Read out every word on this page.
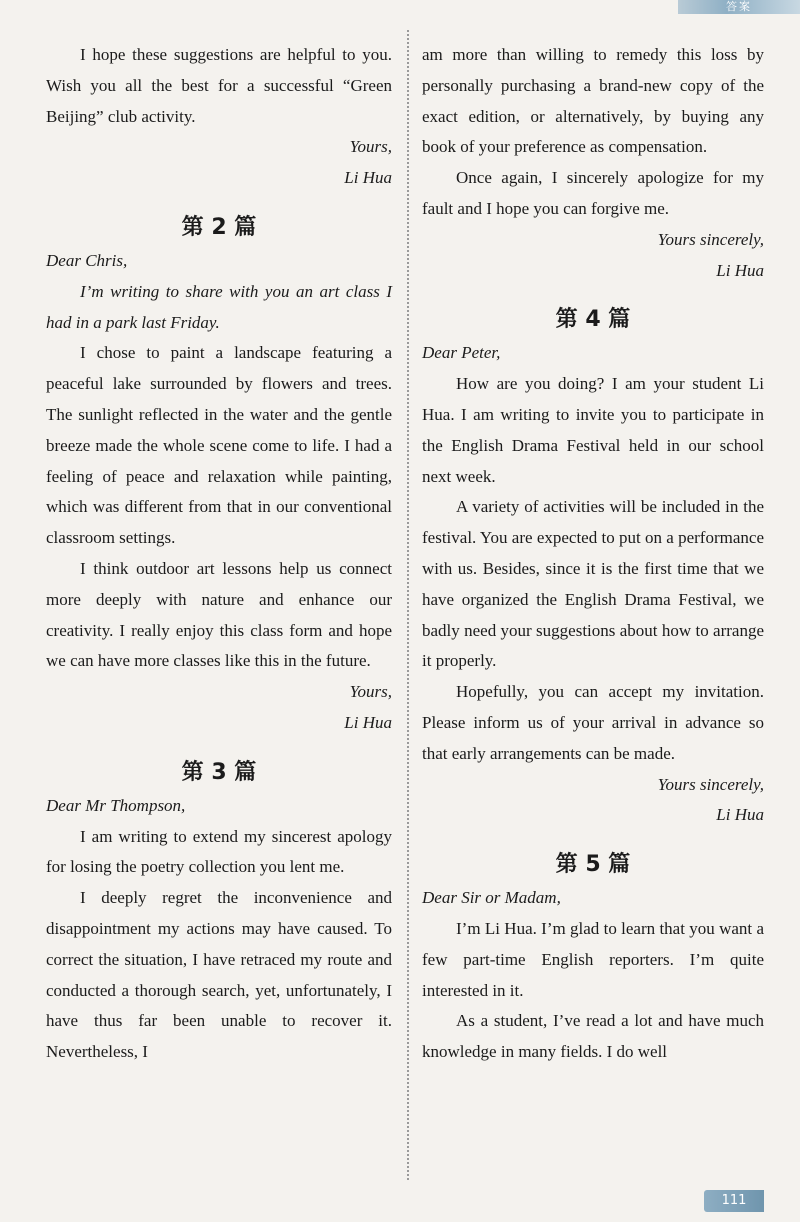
答案

I hope these suggestions are helpful to you. Wish you all the best for a successful “Green Beijing” club activity.

Yours,

Li Hua

第 2 篇

Dear Chris,

I’m writing to share with you an art class I had in a park last Friday.

I chose to paint a landscape featuring a peaceful lake surrounded by flowers and trees. The sunlight reflected in the water and the gentle breeze made the whole scene come to life. I had a feeling of peace and relaxation while painting, which was different from that in our conventional classroom settings.

I think outdoor art lessons help us connect more deeply with nature and enhance our creativity. I really enjoy this class form and hope we can have more classes like this in the future.

Yours,

Li Hua

第 3 篇

Dear Mr Thompson,

I am writing to extend my sincerest apology for losing the poetry collection you lent me.

I deeply regret the inconvenience and disappointment my actions may have caused. To correct the situation, I have retraced my route and conducted a thorough search, yet, unfortunately, I have thus far been unable to recover it. Nevertheless, I

am more than willing to remedy this loss by personally purchasing a brand-new copy of the exact edition, or alternatively, by buying any book of your preference as compensation.

Once again, I sincerely apologize for my fault and I hope you can forgive me.

Yours sincerely,

Li Hua

第 4 篇

Dear Peter,

How are you doing? I am your student Li Hua. I am writing to invite you to participate in the English Drama Festival held in our school next week.

A variety of activities will be included in the festival. You are expected to put on a performance with us. Besides, since it is the first time that we have organized the English Drama Festival, we badly need your suggestions about how to arrange it properly.

Hopefully, you can accept my invitation. Please inform us of your arrival in advance so that early arrangements can be made.

Yours sincerely,

Li Hua

第 5 篇

Dear Sir or Madam,

I’m Li Hua. I’m glad to learn that you want a few part-time English reporters. I’m quite interested in it.

As a student, I’ve read a lot and have much knowledge in many fields. I do well

111
